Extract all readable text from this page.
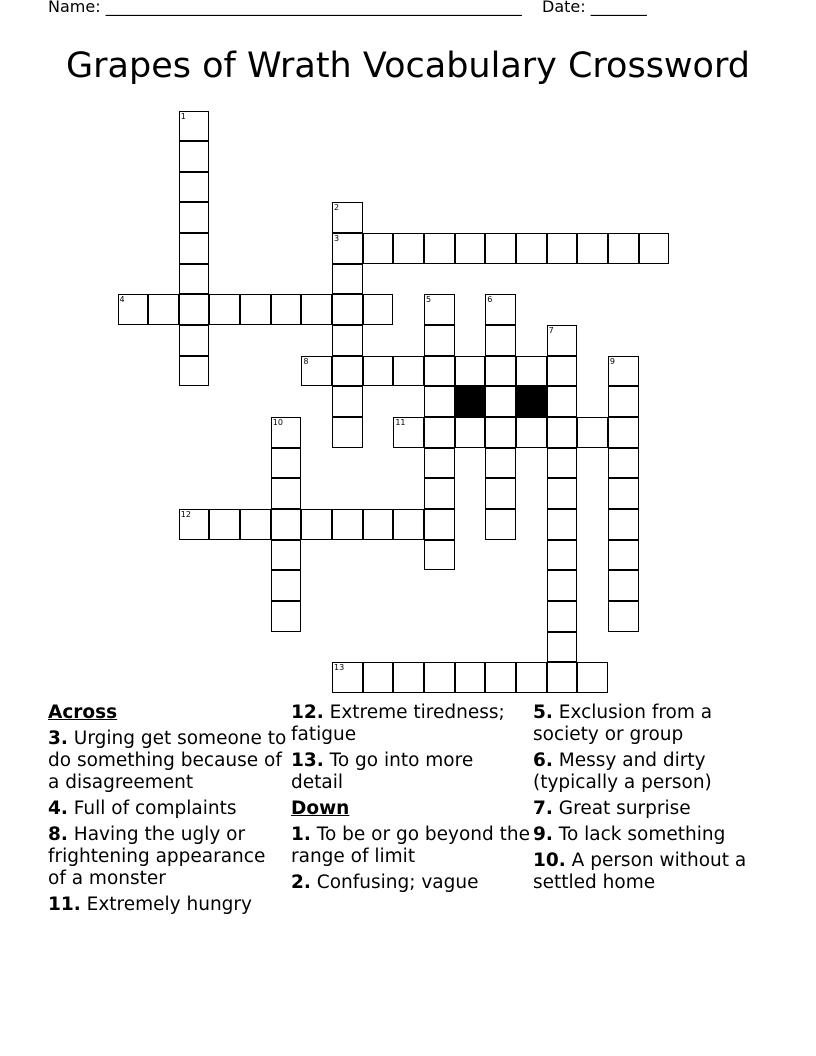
Name: ____________________________________________________ Date: _______
Grapes of Wrath Vocabulary Crossword
1
2
3
4	5	6
7
8	9
10	11
12
13
Across
3. Urging get someone to do something because of a disagreement
4. Full of complaints
8. Having the ugly or frightening appearance of a monster
11. Extremely hungry
12. Extreme tiredness; fatigue
13. To go into more detail
Down
1. To be or go beyond the range of limit
2. Confusing; vague
5. Exclusion from a society or group
6. Messy and dirty (typically a person)
7. Great surprise
9. To lack something
10. A person without a settled home
